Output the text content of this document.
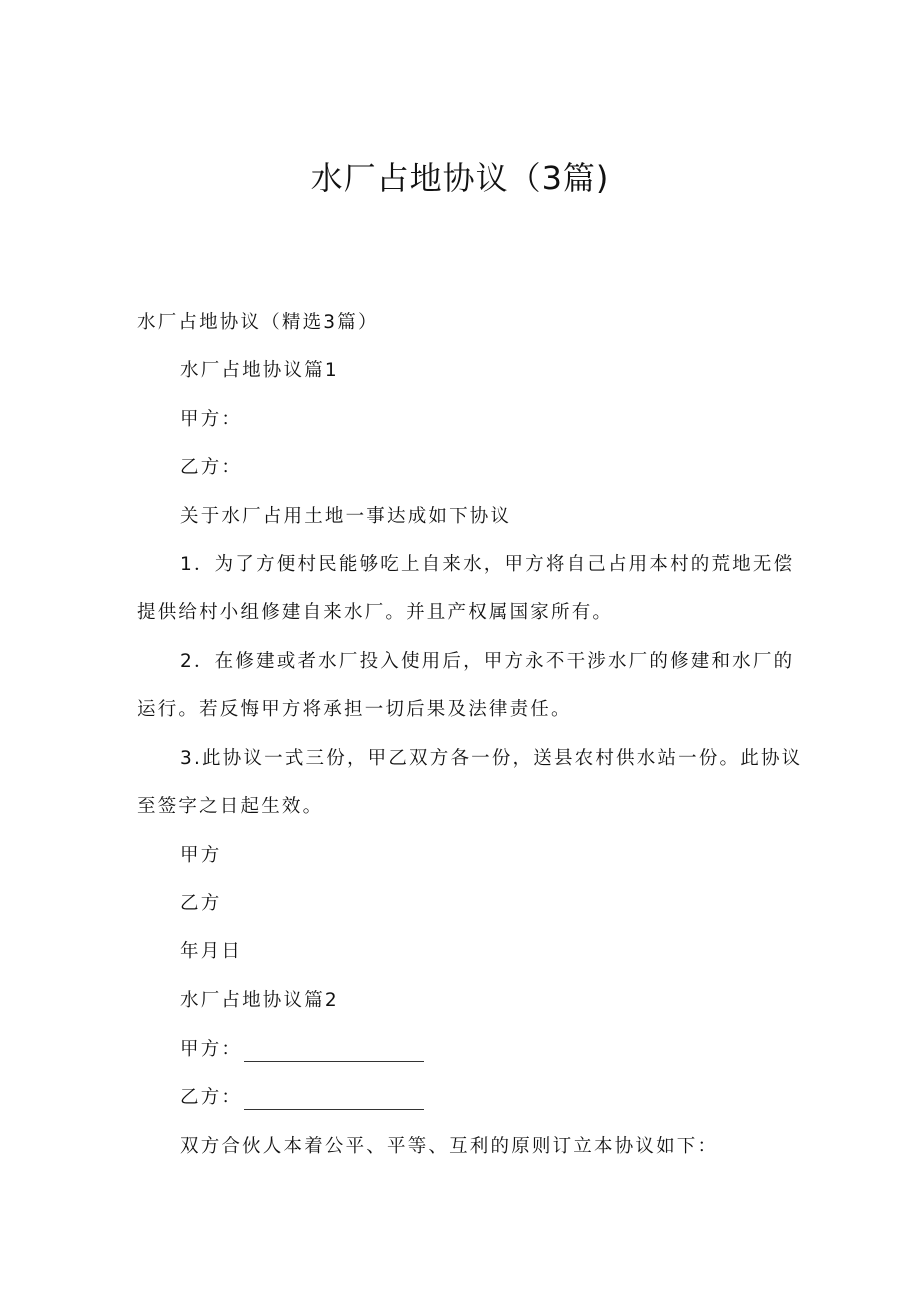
水厂占地协议（3篇)
水厂占地协议（精选3篇）
水厂占地协议篇1
甲方：
乙方：
关于水厂占用土地一事达成如下协议
1．为了方便村民能够吃上自来水，甲方将自己占用本村的荒地无偿
提供给村小组修建自来水厂。并且产权属国家所有。
2．在修建或者水厂投入使用后，甲方永不干涉水厂的修建和水厂的
运行。若反悔甲方将承担一切后果及法律责任。
3.此协议一式三份，甲乙双方各一份，送县农村供水站一份。此协议
至签字之日起生效。
甲方
乙方
年月日
水厂占地协议篇2
甲方：
乙方：
双方合伙人本着公平、平等、互利的原则订立本协议如下：
